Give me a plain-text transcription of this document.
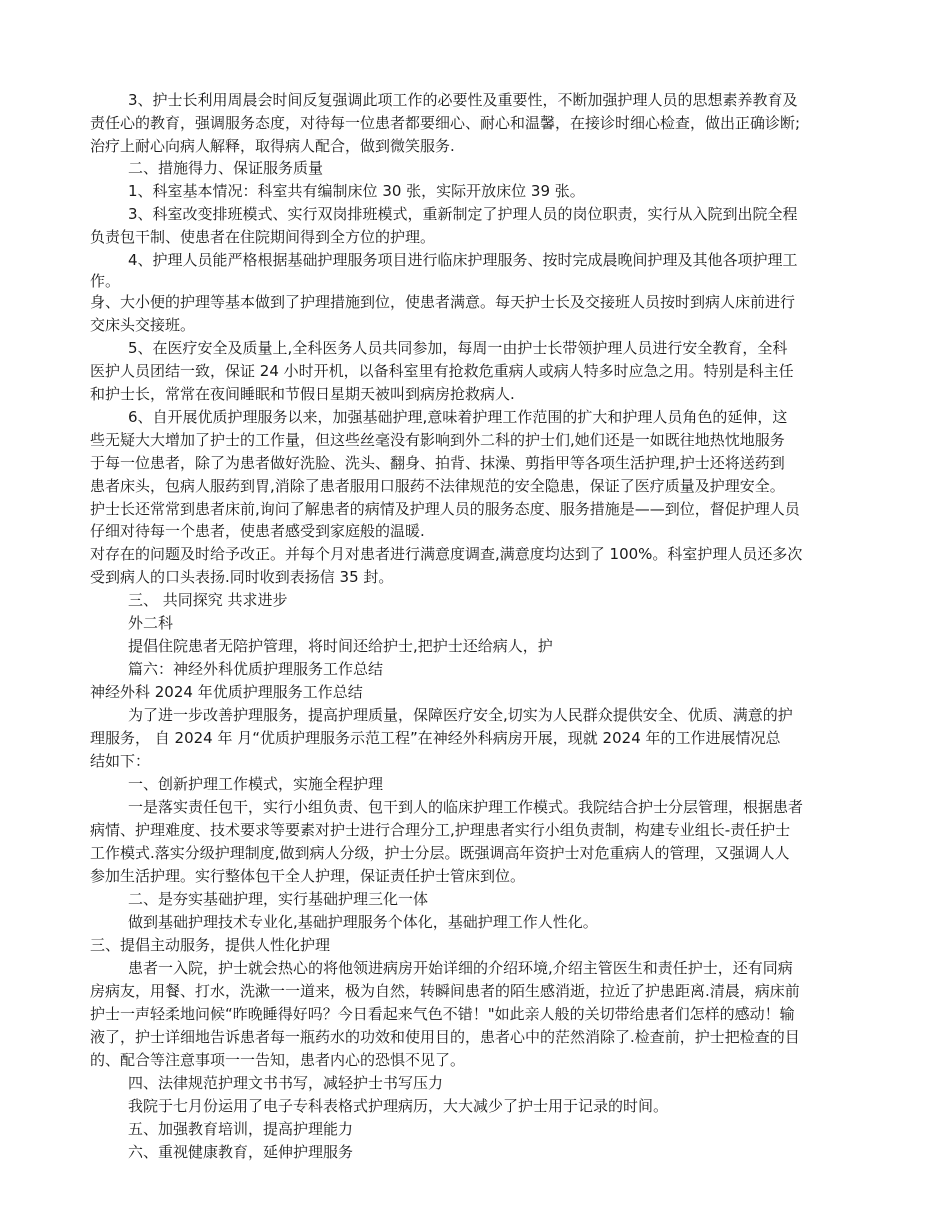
3、护士长利用周晨会时间反复强调此项工作的必要性及重要性，不断加强护理人员的思想素养教育及
责任心的教育，强调服务态度，对待每一位患者都要细心、耐心和温馨，在接诊时细心检查，做出正确诊断;
治疗上耐心向病人解释，取得病人配合，做到微笑服务.
二、措施得力、保证服务质量
1、科室基本情况：科室共有编制床位 30 张，实际开放床位 39 张。
3、科室改变排班模式、实行双岗排班模式，重新制定了护理人员的岗位职责，实行从入院到出院全程
负责包干制、使患者在住院期间得到全方位的护理。
4、护理人员能严格根据基础护理服务项目进行临床护理服务、按时完成晨晚间护理及其他各项护理工
作。
身、大小便的护理等基本做到了护理措施到位，使患者满意。每天护士长及交接班人员按时到病人床前进行
交床头交接班。
5、在医疗安全及质量上,全科医务人员共同参加，每周一由护士长带领护理人员进行安全教育，全科
医护人员团结一致，保证 24 小时开机，以备科室里有抢救危重病人或病人特多时应急之用。特别是科主任
和护士长，常常在夜间睡眠和节假日星期天被叫到病房抢救病人.
6、自开展优质护理服务以来，加强基础护理,意味着护理工作范围的扩大和护理人员角色的延伸，这
些无疑大大增加了护士的工作量，但这些丝毫没有影响到外二科的护士们,她们还是一如既往地热忱地服务
于每一位患者，除了为患者做好洗脸、洗头、翻身、拍背、抹澡、剪指甲等各项生活护理,护士还将送药到
患者床头，包病人服药到胃,消除了患者服用口服药不法律规范的安全隐患，保证了医疗质量及护理安全。
护士长还常常到患者床前,询问了解患者的病情及护理人员的服务态度、服务措施是——到位，督促护理人员
仔细对待每一个患者，使患者感受到家庭般的温暖.
对存在的问题及时给予改正。并每个月对患者进行满意度调查,满意度均达到了 100%。科室护理人员还多次
受到病人的口头表扬.同时收到表扬信 35 封。
三、 共同探究 共求进步
外二科
提倡住院患者无陪护管理，将时间还给护士,把护士还给病人，护
篇六：神经外科优质护理服务工作总结
神经外科 2024 年优质护理服务工作总结
为了进一步改善护理服务，提高护理质量，保障医疗安全,切实为人民群众提供安全、优质、满意的护
理服务， 自 2024 年 月“优质护理服务示范工程”在神经外科病房开展，现就 2024 年的工作进展情况总
结如下：
一、创新护理工作模式，实施全程护理
一是落实责任包干，实行小组负责、包干到人的临床护理工作模式。我院结合护士分层管理，根据患者
病情、护理难度、技术要求等要素对护士进行合理分工,护理患者实行小组负责制，构建专业组长-责任护士
工作模式.落实分级护理制度,做到病人分级，护士分层。既强调高年资护士对危重病人的管理，又强调人人
参加生活护理。实行整体包干全人护理，保证责任护士管床到位。
二、是夯实基础护理，实行基础护理三化一体
做到基础护理技术专业化,基础护理服务个体化，基础护理工作人性化。
三、提倡主动服务，提供人性化护理
患者一入院，护士就会热心的将他领进病房开始详细的介绍环境,介绍主管医生和责任护士，还有同病
房病友，用餐、打水，洗漱一一道来，极为自然，转瞬间患者的陌生感消逝，拉近了护患距离.清晨，病床前
护士一声轻柔地问候“昨晚睡得好吗？今日看起来气色不错！"如此亲人般的关切带给患者们怎样的感动！输
液了，护士详细地告诉患者每一瓶药水的功效和使用目的，患者心中的茫然消除了.检查前，护士把检查的目
的、配合等注意事项一一告知，患者内心的恐惧不见了。
四、法律规范护理文书书写，减轻护士书写压力
我院于七月份运用了电子专科表格式护理病历，大大减少了护士用于记录的时间。
五、加强教育培训，提高护理能力
六、重视健康教育，延伸护理服务
